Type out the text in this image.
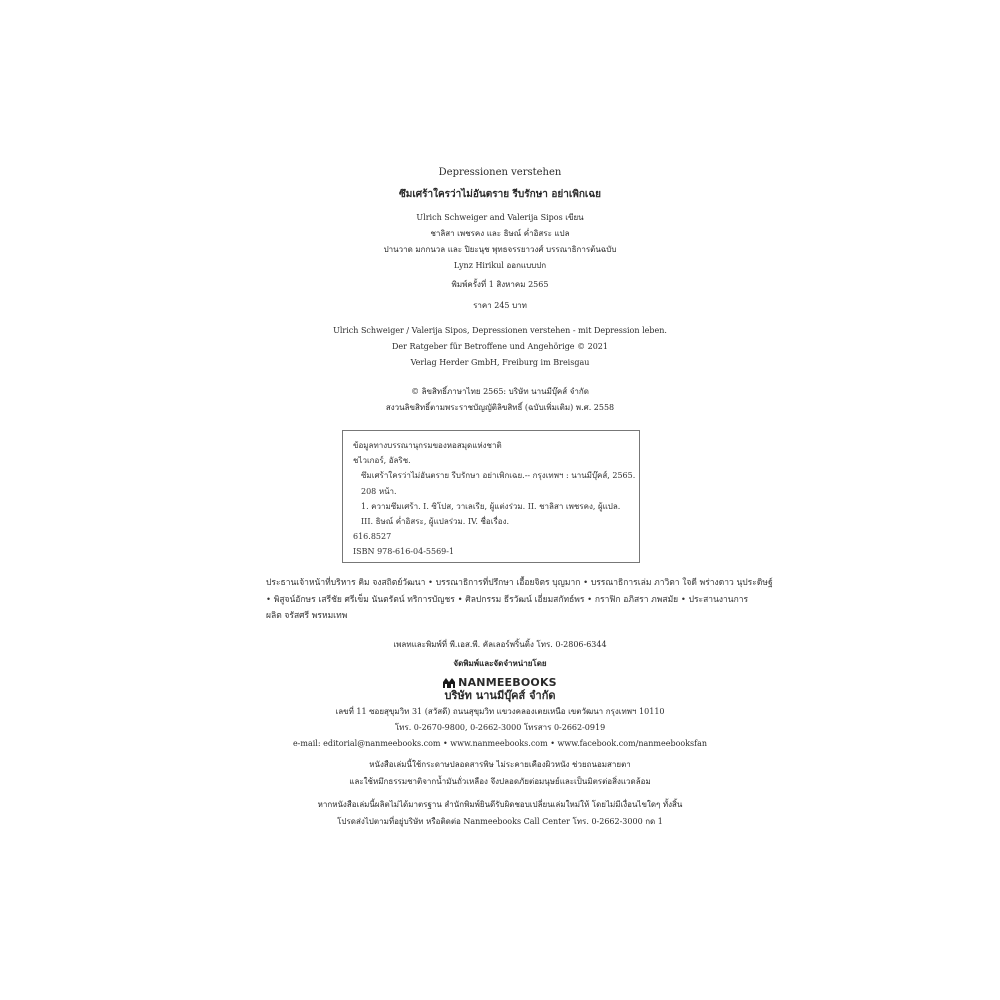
Depressionen verstehen
ซึมเศร้าใครว่าไม่อันตราย รีบรักษา อย่าเพิกเฉย
Ulrich Schweiger and Valerija Sipos เขียน
ชาลิสา เพชรคง และ ธิษณ์ ค่ำอิสระ แปล
ปานวาด มกกนวล และ ปิยะนุช พุทธจรรยาวงศ์ บรรณาธิการต้นฉบับ
Lynz Hirikul ออกแบบปก
พิมพ์ครั้งที่ 1 สิงหาคม 2565
ราคา 245 บาท
Ulrich Schweiger / Valerija Sipos, Depressionen verstehen - mit Depression leben.
Der Ratgeber für Betroffene und Angehörige © 2021
Verlag Herder GmbH, Freiburg im Breisgau
© ลิขสิทธิ์ภาษาไทย 2565: บริษัท นานมีบุ๊คส์ จำกัด
สงวนลิขสิทธิ์ตามพระราชบัญญัติลิขสิทธิ์ (ฉบับเพิ่มเติม) พ.ศ. 2558
ข้อมูลทางบรรณานุกรมของหอสมุดแห่งชาติ
ชไวเกอร์, อัลริช.
ซึมเศร้าใครว่าไม่อันตราย รีบรักษา อย่าเพิกเฉย.-- กรุงเทพฯ : นานมีบุ๊คส์, 2565.
208 หน้า.
1. ความซึมเศร้า. I. ซิโปส, วาเลเรีย, ผู้แต่งร่วม. II. ชาลิสา เพชรคง, ผู้แปล.
III. ธิษณ์ ค่ำอิสระ, ผู้แปลร่วม. IV. ชื่อเรื่อง.
616.8527
ISBN 978-616-04-5569-1
ประธานเจ้าหน้าที่บริหาร คิม จงสถิตย์วัฒนา • บรรณาธิการที่ปรึกษา เอื้อยจิตร บุญมาก • บรรณาธิการเล่ม ภาวิตา ใจดี พร่างดาว นุประดิษฐ์
• พิสูจน์อักษร เสรีชัย ศรีเข็ม นันตรัตน์ ทริการบัญชร • ศิลปกรรม ธีรวัฒน์ เอี่ยมสกัทธ์พร • กราฟิก อภิสรา ภพสมัย • ประสานงานการ
ผลิต จรัสศรี พรหมเทพ
เพลทและพิมพ์ที่ พี.เอส.พี. คัลเลอร์พริ้นติ้ง โทร. 0-2806-6344
จัดพิมพ์และจัดจำหน่ายโดย
NANMEEBOOKS
บริษัท นานมีบุ๊คส์ จำกัด
เลขที่ 11 ซอยสุขุมวิท 31 (สวัสดี) ถนนสุขุมวิท แขวงคลองเตยเหนือ เขตวัฒนา กรุงเทพฯ 10110
โทร. 0-2670-9800, 0-2662-3000 โทรสาร 0-2662-0919
e-mail: editorial@nanmeebooks.com • www.nanmeebooks.com • www.facebook.com/nanmeebooksfan
หนังสือเล่มนี้ใช้กระดาษปลอดสารพิษ ไม่ระคายเคืองผิวหนัง ช่วยถนอมสายตา
และใช้หมึกธรรมชาติจากน้ำมันถั่วเหลือง จึงปลอดภัยต่อมนุษย์และเป็นมิตรต่อสิ่งแวดล้อม
หากหนังสือเล่มนี้ผลิตไม่ได้มาตรฐาน สำนักพิมพ์ยินดีรับผิดชอบเปลี่ยนเล่มใหม่ให้ โดยไม่มีเงื่อนไขใดๆ ทั้งสิ้น
โปรดส่งไปตามที่อยู่บริษัท หรือติดต่อ Nanmeebooks Call Center โทร. 0-2662-3000 กด 1
